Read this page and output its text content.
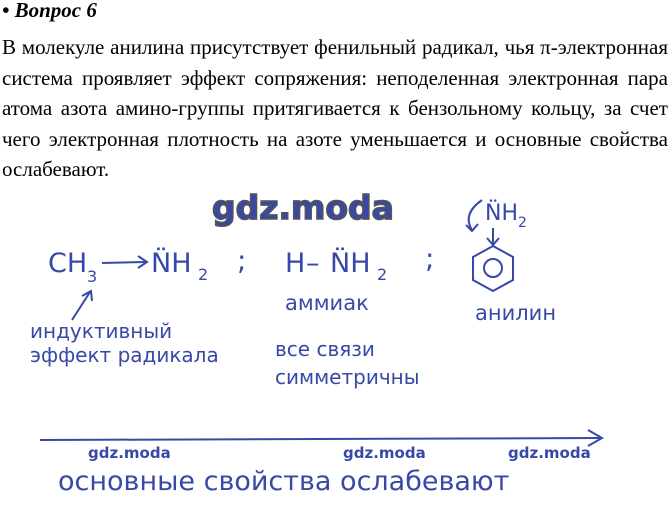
• Вопрос 6
В молекуле анилина присутствует фенильный радикал, чья π-электронная система проявляет эффект сопряжения: неподеленная электронная пара атома азота амино-группы притягивается к бензольному кольцу, за счет чего электронная плотность на азоте уменьшается и основные свойства ослабевают.
gdz.moda
CH 3 N̈H 2 ; H – N̈H 2
аммиак
;
N̈H 2
анилин
индуктивный
эффект радикала	все связи
симметричны
gdz.moda	gdz.moda	gdz.moda
основные свойства ослабевают
